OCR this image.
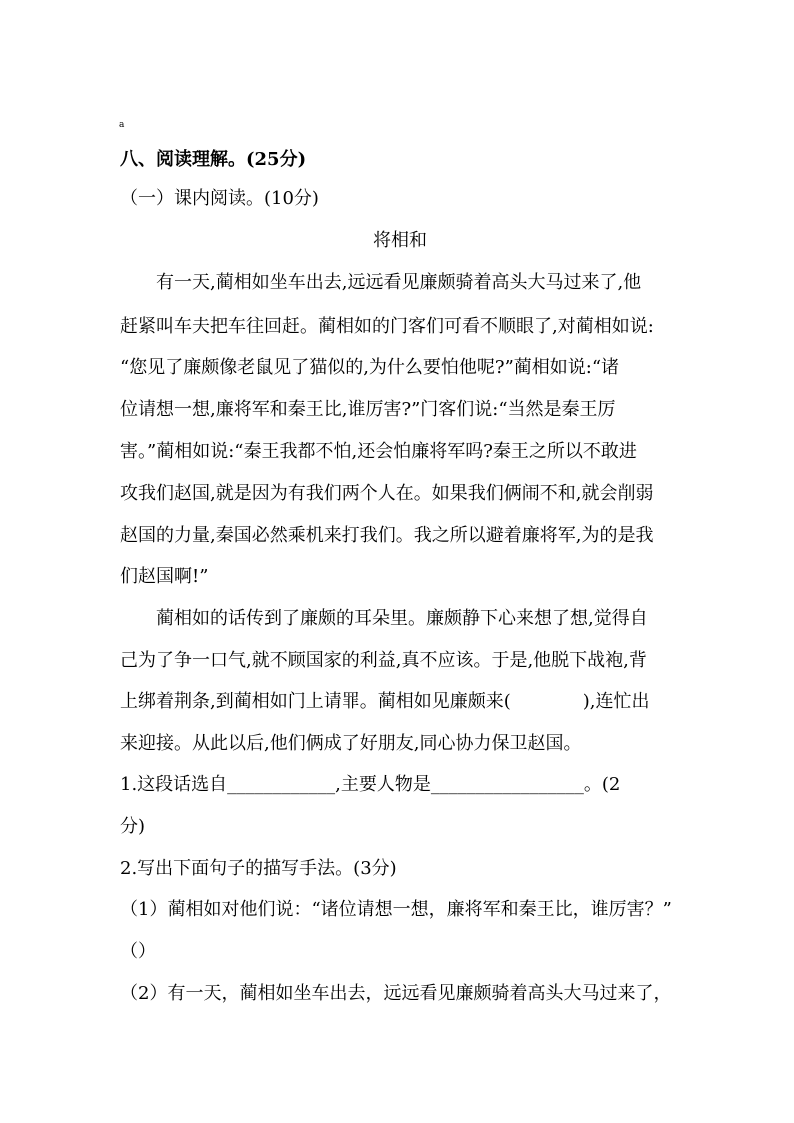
a
八、阅读理解。(25分)
（一）课内阅读。(10分)
将相和
有一天,蔺相如坐车出去,远远看见廉颇骑着高头大马过来了,他
赶紧叫车夫把车往回赶。蔺相如的门客们可看不顺眼了,对蔺相如说:
“您见了廉颇像老鼠见了猫似的,为什么要怕他呢?”蔺相如说:“诸
位请想一想,廉将军和秦王比,谁厉害?”门客们说:“当然是秦王厉
害。”蔺相如说:“秦王我都不怕,还会怕廉将军吗?秦王之所以不敢进
攻我们赵国,就是因为有我们两个人在。如果我们俩闹不和,就会削弱
赵国的力量,秦国必然乘机来打我们。我之所以避着廉将军,为的是我
们赵国啊!”
蔺相如的话传到了廉颇的耳朵里。廉颇静下心来想了想,觉得自
己为了争一口气,就不顾国家的利益,真不应该。于是,他脱下战袍,背
上绑着荆条,到蔺相如门上请罪。蔺相如见廉颇来(　　　　),连忙出
来迎接。从此以后,他们俩成了好朋友,同心协力保卫赵国。
1.这段话选自____________,主要人物是_________________。(2
分)
2.写出下面句子的描写手法。(3分)
（1）蔺相如对他们说：“诸位请想一想，廉将军和秦王比，谁厉害？”
（）
（2）有一天，蔺相如坐车出去，远远看见廉颇骑着高头大马过来了，
